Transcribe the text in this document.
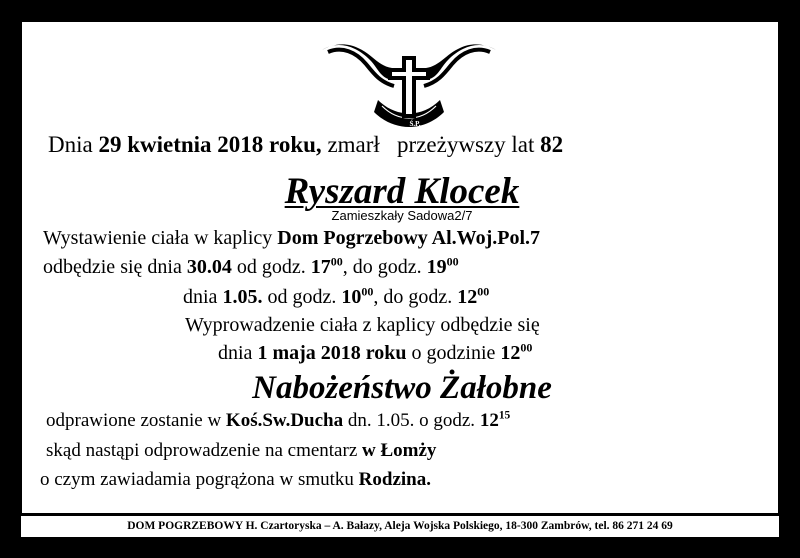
Ś.P.
Dnia 29 kwietnia 2018 roku, zmarł przeżywszy lat 82
Ryszard Klocek
Zamieszkały Sadowa2/7
Wystawienie ciała w kaplicy Dom Pogrzebowy Al.Woj.Pol.7
odbędzie się dnia 30.04 od godz. $17^{00}$, do godz. $19^{00}$
dnia 1.05. od godz. $10^{00}$, do godz. $12^{00}$
Wyprowadzenie ciała z kaplicy odbędzie się
dnia 1 maja 2018 roku o godzinie $12^{00}$
Nabożeństwo Żałobne
odprawione zostanie w Koś.Sw.Ducha dn. 1.05. o godz. $12^{15}$
skąd nastąpi odprowadzenie na cmentarz w Łomży
o czym zawiadamia pogrążona w smutku Rodzina.
DOM POGRZEBOWY H. Czartoryska – A. Bałazy, Aleja Wojska Polskiego, 18-300 Zambrów, tel. 86 271 24 69
